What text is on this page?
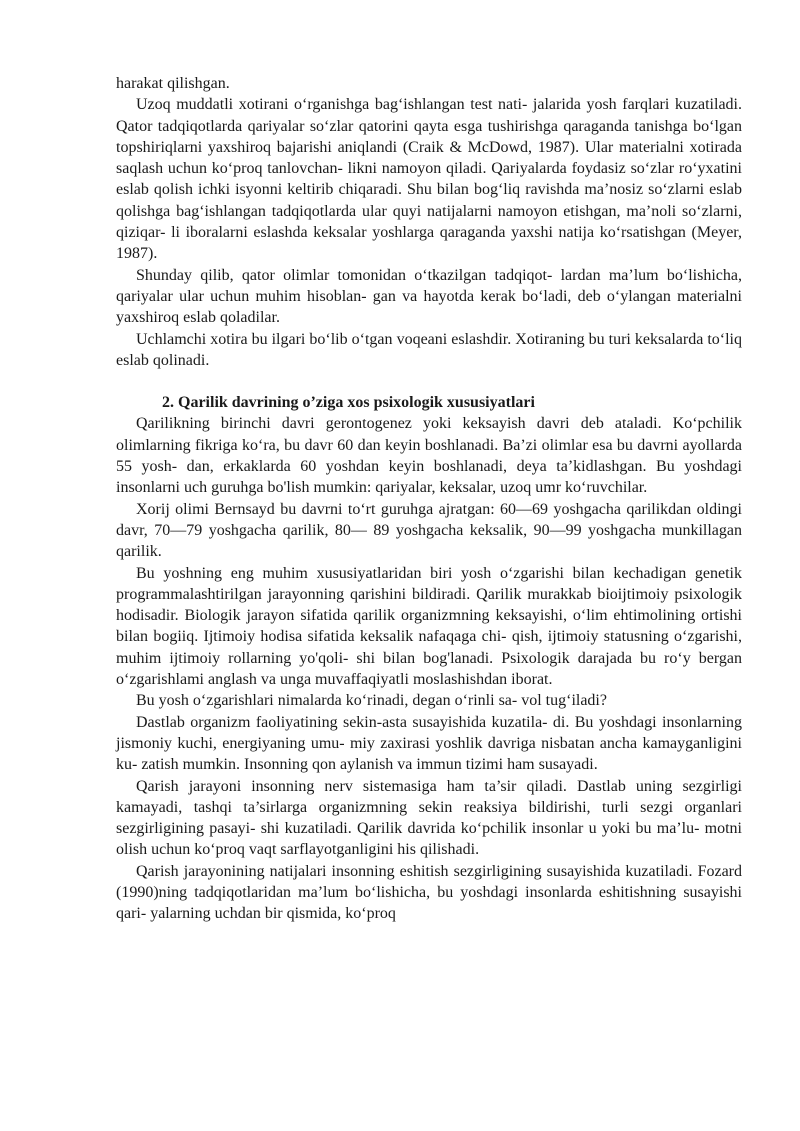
harakat qilishgan.

Uzoq muddatli xotirani o‘rganishga bag‘ishlangan test nati- jalarida yosh farqlari kuzatiladi. Qator tadqiqotlarda qariyalar so‘zlar qatorini qayta esga tushirishga qaraganda tanishga bo‘lgan topshiriqlarni yaxshiroq bajarishi aniqlandi (Craik & McDowd, 1987). Ular materialni xotirada saqlash uchun ko‘proq tanlovchan- likni namoyon qiladi. Qariyalarda foydasiz so‘zlar ro‘yxatini eslab qolish ichki isyonni keltirib chiqaradi. Shu bilan bog‘liq ravishda ma’nosiz so‘zlarni eslab qolishga bag‘ishlangan tadqiqotlarda ular quyi natijalarni namoyon etishgan, ma’noli so‘zlarni, qiziqar- li iboralarni eslashda keksalar yoshlarga qaraganda yaxshi natija ko‘rsatishgan (Meyer, 1987).

Shunday qilib, qator olimlar tomonidan o‘tkazilgan tadqiqot- lardan ma’lum bo‘lishicha, qariyalar ular uchun muhim hisoblan- gan va hayotda kerak bo‘ladi, deb o‘ylangan materialni yaxshiroq eslab qoladilar.

Uchlamchi xotira bu ilgari bo‘lib o‘tgan voqeani eslashdir. Xotiraning bu turi keksalarda to‘liq eslab qolinadi.

2. Qarilik davrining o’ziga xos psixologik xususiyatlari

Qarilikning birinchi davri gerontogenez yoki keksayish davri deb ataladi. Ko‘pchilik olimlarning fikriga ko‘ra, bu davr 60 dan keyin boshlanadi. Ba’zi olimlar esa bu davrni ayollarda 55 yosh- dan, erkaklarda 60 yoshdan keyin boshlanadi, deya ta’kidlashgan. Bu yoshdagi insonlarni uch guruhga bo'lish mumkin: qariyalar, keksalar, uzoq umr ko‘ruvchilar.

Xorij olimi Bernsayd bu davrni to‘rt guruhga ajratgan: 60—69 yoshgacha qarilikdan oldingi davr, 70—79 yoshgacha qarilik, 80— 89 yoshgacha keksalik, 90—99 yoshgacha munkillagan qarilik.

Bu yoshning eng muhim xususiyatlaridan biri yosh o‘zgarishi bilan kechadigan genetik programmalashtirilgan jarayonning qarishini bildiradi. Qarilik murakkab bioijtimoiy psixologik hodisadir. Biologik jarayon sifatida qarilik organizmning keksayishi, o‘lim ehtimolining ortishi bilan bogiiq. Ijtimoiy hodisa sifatida keksalik nafaqaga chi- qish, ijtimoiy statusning o‘zgarishi, muhim ijtimoiy rollarning yo'qoli- shi bilan bog'lanadi. Psixologik darajada bu ro‘y bergan o‘zgarishlami anglash va unga muvaffaqiyatli moslashishdan iborat.

Bu yosh o‘zgarishlari nimalarda ko‘rinadi, degan o‘rinli sa- vol tug‘iladi?

Dastlab organizm faoliyatining sekin-asta susayishida kuzatila- di. Bu yoshdagi insonlarning jismoniy kuchi, energiyaning umu- miy zaxirasi yoshlik davriga nisbatan ancha kamayganligini ku- zatish mumkin. Insonning qon aylanish va immun tizimi ham susayadi.

Qarish jarayoni insonning nerv sistemasiga ham ta’sir qiladi. Dastlab uning sezgirligi kamayadi, tashqi ta’sirlarga organizmning sekin reaksiya bildirishi, turli sezgi organlari sezgirligining pasayi- shi kuzatiladi. Qarilik davrida ko‘pchilik insonlar u yoki bu ma’lu- motni olish uchun ko‘proq vaqt sarflayotganligini his qilishadi.

Qarish jarayonining natijalari insonning eshitish sezgirligining susayishida kuzatiladi. Fozard (1990)ning tadqiqotlaridan ma’lum bo‘lishicha, bu yoshdagi insonlarda eshitishning susayishi qari- yalarning uchdan bir qismida, ko‘proq
